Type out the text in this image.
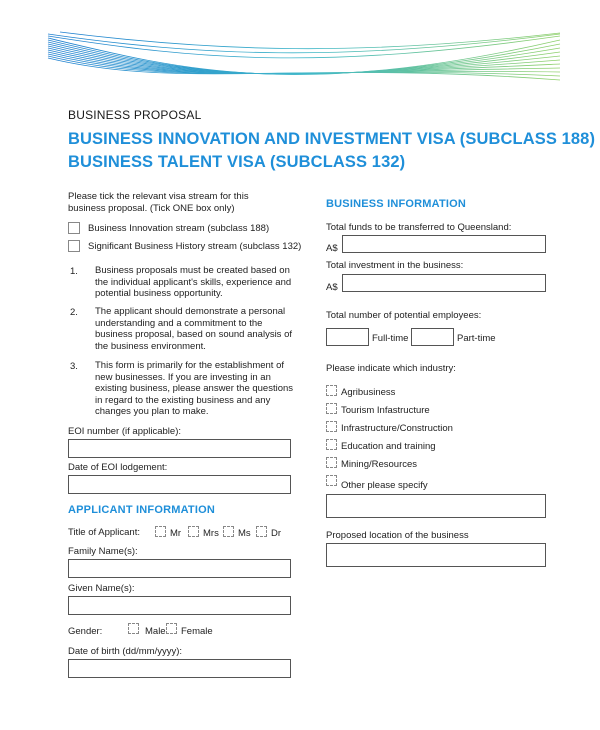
BUSINESS PROPOSAL
BUSINESS INNOVATION AND INVESTMENT VISA (SUBCLASS 188)
BUSINESS TALENT VISA (SUBCLASS 132)
Please tick the relevant visa stream for this business proposal. (Tick ONE box only)
Business Innovation stream (subclass 188)
Significant Business History stream (subclass 132)
1. Business proposals must be created based on the individual applicant's skills, experience and potential business opportunity.
2. The applicant should demonstrate a personal understanding and a commitment to the business proposal, based on sound analysis of the business environment.
3. This form is primarily for the establishment of new businesses. If you are investing in an existing business, please answer the questions in regard to the existing business and any changes you plan to make.
EOI number (if applicable):
Date of EOI lodgement:
APPLICANT INFORMATION
Title of Applicant:	Mr Mrs Ms Dr
Family Name(s):
Given Name(s):
Gender:	Male Female
Date of birth (dd/mm/yyyy):
BUSINESS INFORMATION
Total funds to be transferred to Queensland:
A$
Total investment in the business:
A$
Total number of potential employees:
Full-time	Part-time
Please indicate which industry:
Agribusiness
Tourism Infastructure
Infrastructure/Construction
Education and training
Mining/Resources
Other please specify
Proposed location of the business
